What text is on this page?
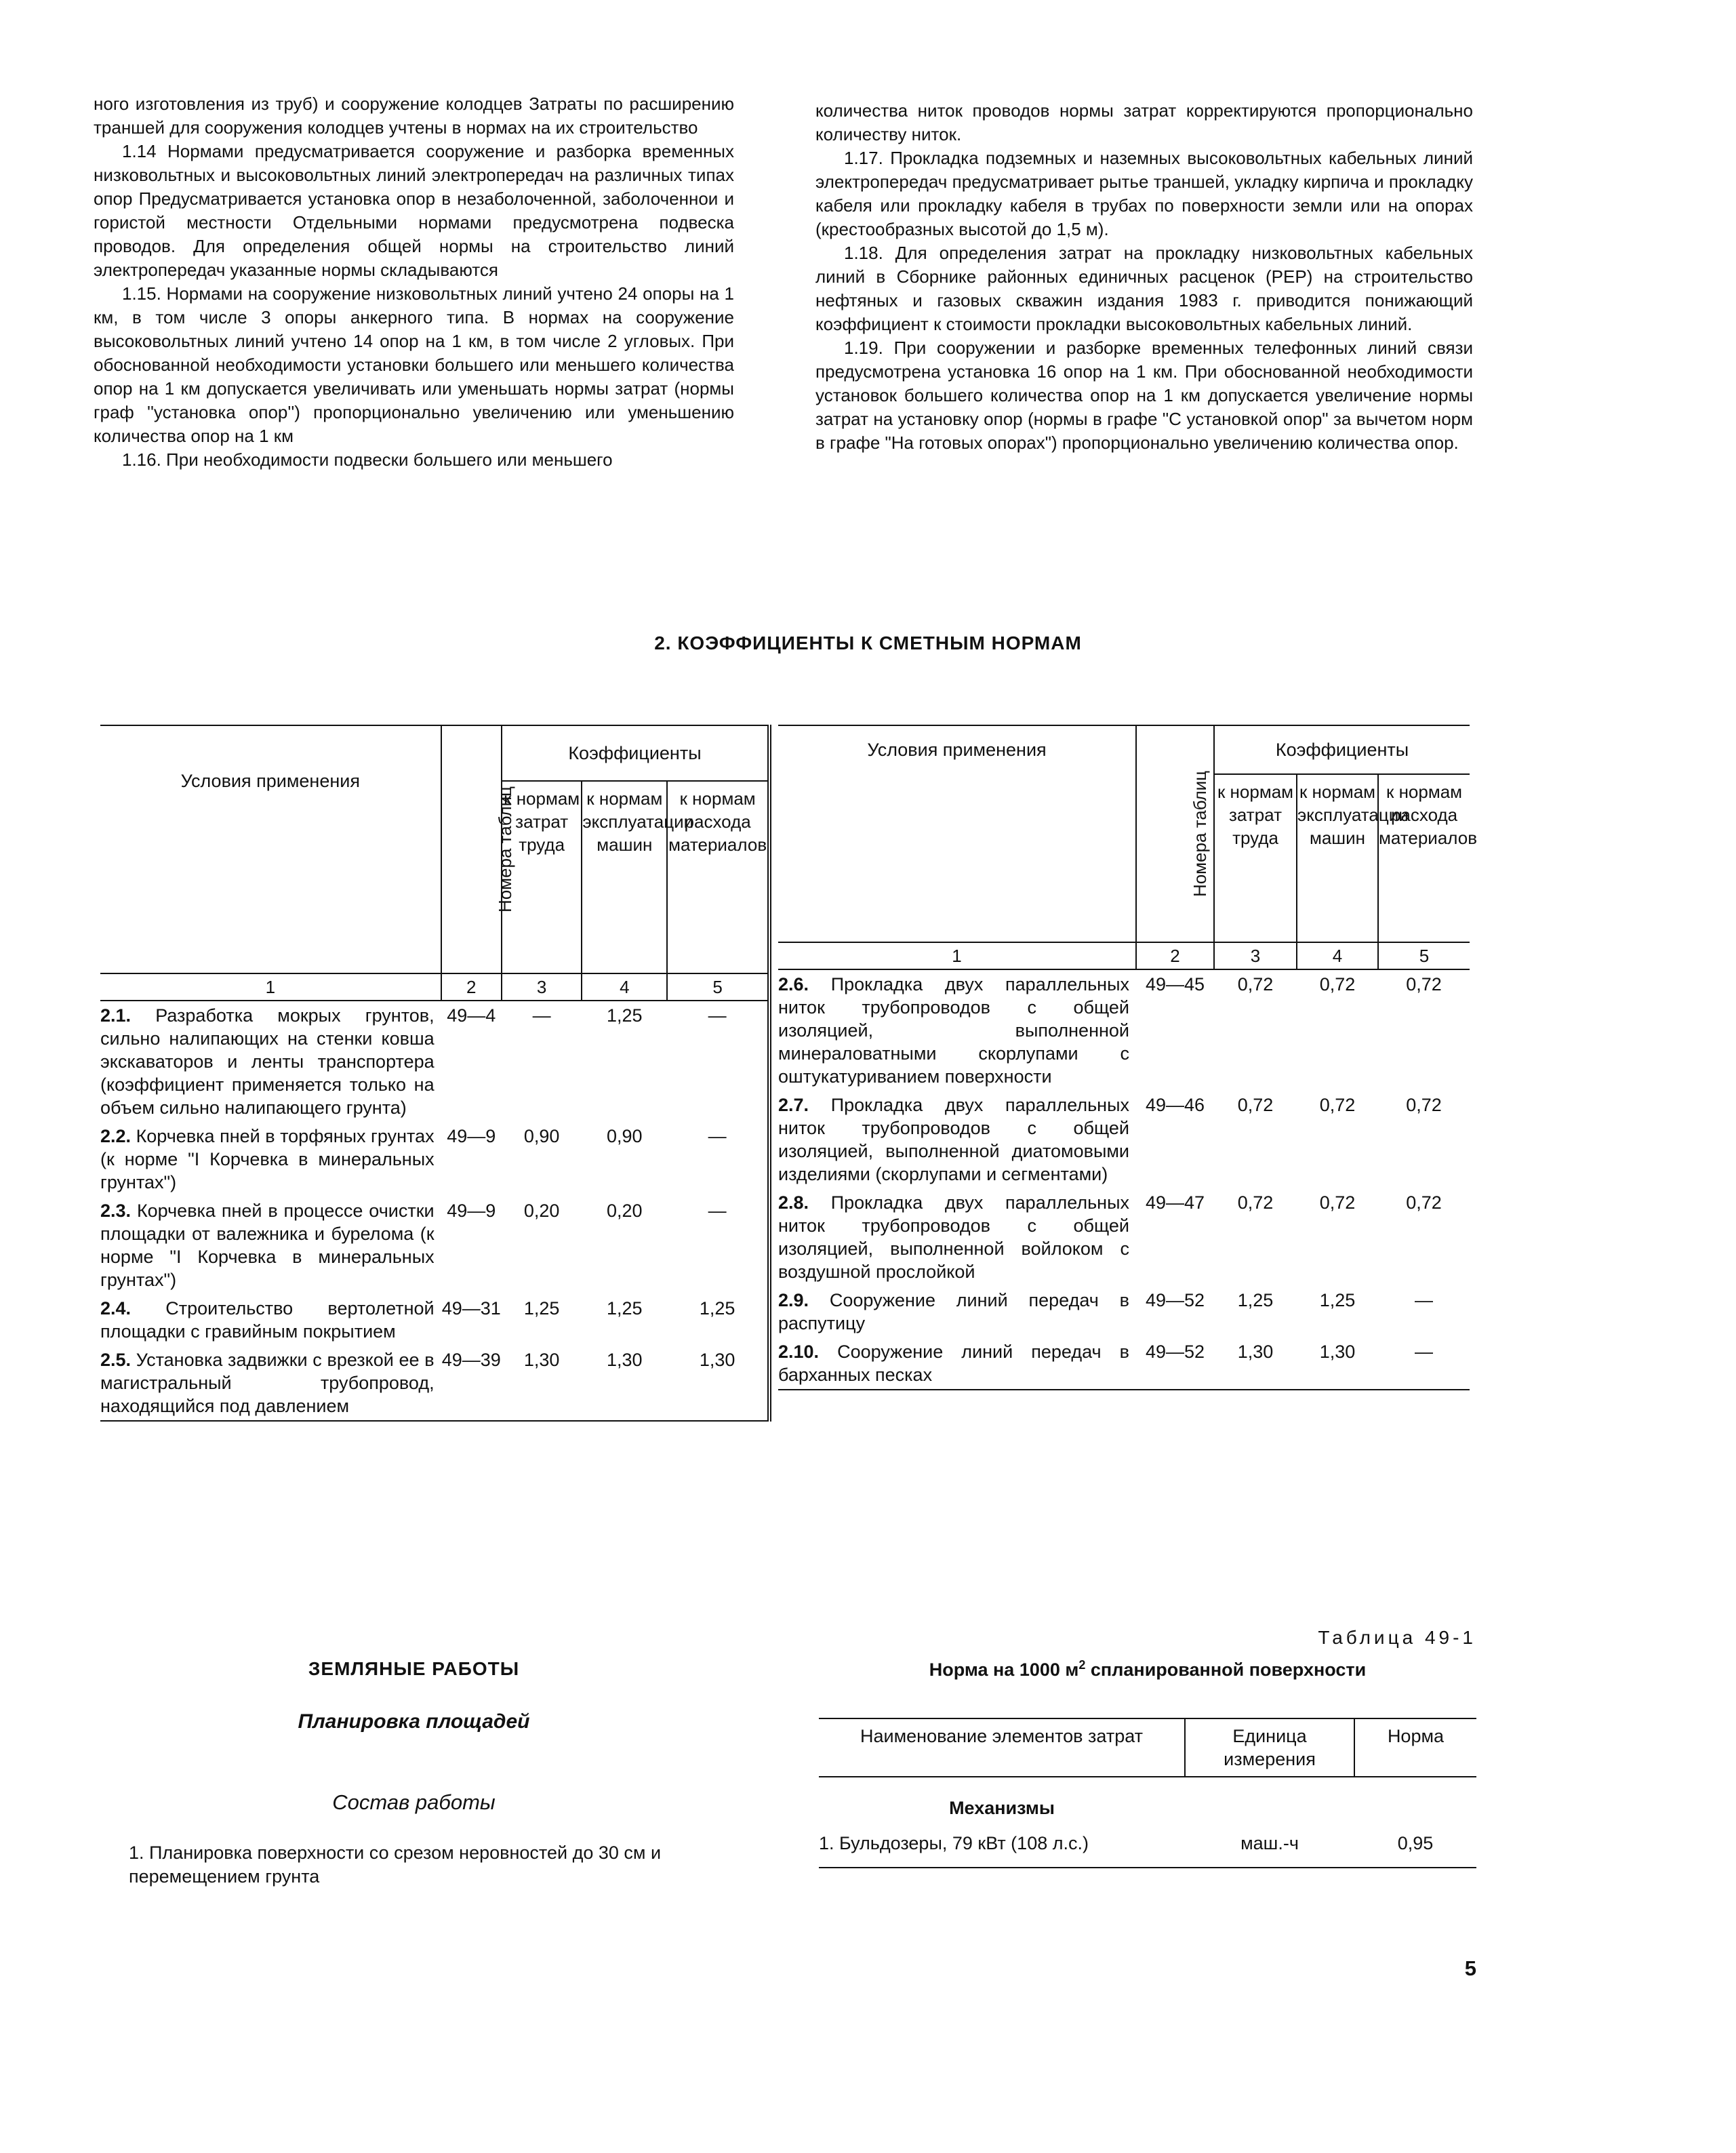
ного изготовления из труб) и сооружение колодцев Затраты по расширению траншей для сооружения колодцев учтены в нормах на их строительство

1.14 Нормами предусматривается сооружение и разборка временных низковольтных и высоковольтных линий электропередач на различных типах опор Предусматривается установка опор в незаболоченной, заболоченнои и гористой местности Отдельными нормами предусмотрена подвеска проводов. Для определения общей нормы на строительство линий электропередач указанные нормы складываются

1.15. Нормами на сооружение низковольтных линий учтено 24 опоры на 1 км, в том числе 3 опоры анкерного типа. В нормах на сооружение высоковольтных линий учтено 14 опор на 1 км, в том числе 2 угловых. При обоснованной необходимости установки большего или меньшего количества опор на 1 км допускается увеличивать или уменьшать нормы затрат (нормы граф ''установка опор'') пропорционально увеличению или уменьшению количества опор на 1 км

1.16. При необходимости подвески большего или меньшего

количества ниток проводов нормы затрат корректируются пропорционально количеству ниток.

1.17. Прокладка подземных и наземных высоковольтных кабельных линий электропередач предусматривает рытье траншей, укладку кирпича и прокладку кабеля или прокладку кабеля в трубах по поверхности земли или на опорах (крестообразных высотой до 1,5 м).

1.18. Для определения затрат на прокладку низковольтных кабельных линий в Сборнике районных единичных расценок (РЕР) на строительство нефтяных и газовых скважин издания 1983 г. приводится понижающий коэффициент к стоимости прокладки высоковольтных кабельных линий.

1.19. При сооружении и разборке временных телефонных линий связи предусмотрена установка 16 опор на 1 км. При обоснованной необходимости установок большего количества опор на 1 км допускается увеличение нормы затрат на установку опор (нормы в графе "С установкой опор" за вычетом норм в графе "На готовых опорах") пропорционально увеличению количества опор.

2. КОЭФФИЦИЕНТЫ К СМЕТНЫМ НОРМАМ
Условия применения	Номера таблиц	Коэффициенты		
		к нормам затрат труда	к нормам эксплуатации машин	к нормам расхода материалов
1	2	3	4	5
2.1. Разработка мокрых грунтов, сильно налипающих на стенки ковша экскаваторов и ленты транспортера (коэффициент применяется только на объем сильно налипающего грунта)	49—4	—	1,25	—
2.2. Корчевка пней в торфяных грунтах (к норме "I Корчевка в минеральных грунтах")	49—9	0,90	0,90	—
2.3. Корчевка пней в процессе очистки площадки от валежника и бурелома (к норме "I Корчевка в минеральных грунтах")	49—9	0,20	0,20	—
2.4. Строительство вертолетной площадки с гравийным покрытием	49—31	1,25	1,25	1,25
2.5. Установка задвижки с врезкой ее в магистральный трубопровод, находящийся под давлением	49—39	1,30	1,30	1,30
Условия применения	Номера таблиц	Коэффициенты		
		к нормам затрат труда	к нормам эксплуатации машин	к нормам расхода материалов
1	2	3	4	5
2.6. Прокладка двух параллельных ниток трубопроводов с общей изоляцией, выполненной минераловатными скорлупами с оштукатуриванием поверхности	49—45	0,72	0,72	0,72
2.7. Прокладка двух параллельных ниток трубопроводов с общей изоляцией, выполненной диатомовыми изделиями (скорлупами и сегментами)	49—46	0,72	0,72	0,72
2.8. Прокладка двух параллельных ниток трубопроводов с общей изоляцией, выполненной войлоком с воздушной прослойкой	49—47	0,72	0,72	0,72
2.9. Сооружение линий передач в распутицу	49—52	1,25	1,25	—
2.10. Сооружение линий передач в барханных песках	49—52	1,30	1,30	—
ЗЕМЛЯНЫЕ РАБОТЫ
Планировка площадей
Состав работы
1. Планировка поверхности со срезом неровностей до 30 см и перемещением грунта
Таблица 49-1
Норма на 1000 $м^2$ спланированной поверхности
Наименование элементов затрат	Единица измерения	Норма
Механизмы		
1. Бульдозеры, 79 кВт (108 л.с.)	маш.-ч	0,95
5
